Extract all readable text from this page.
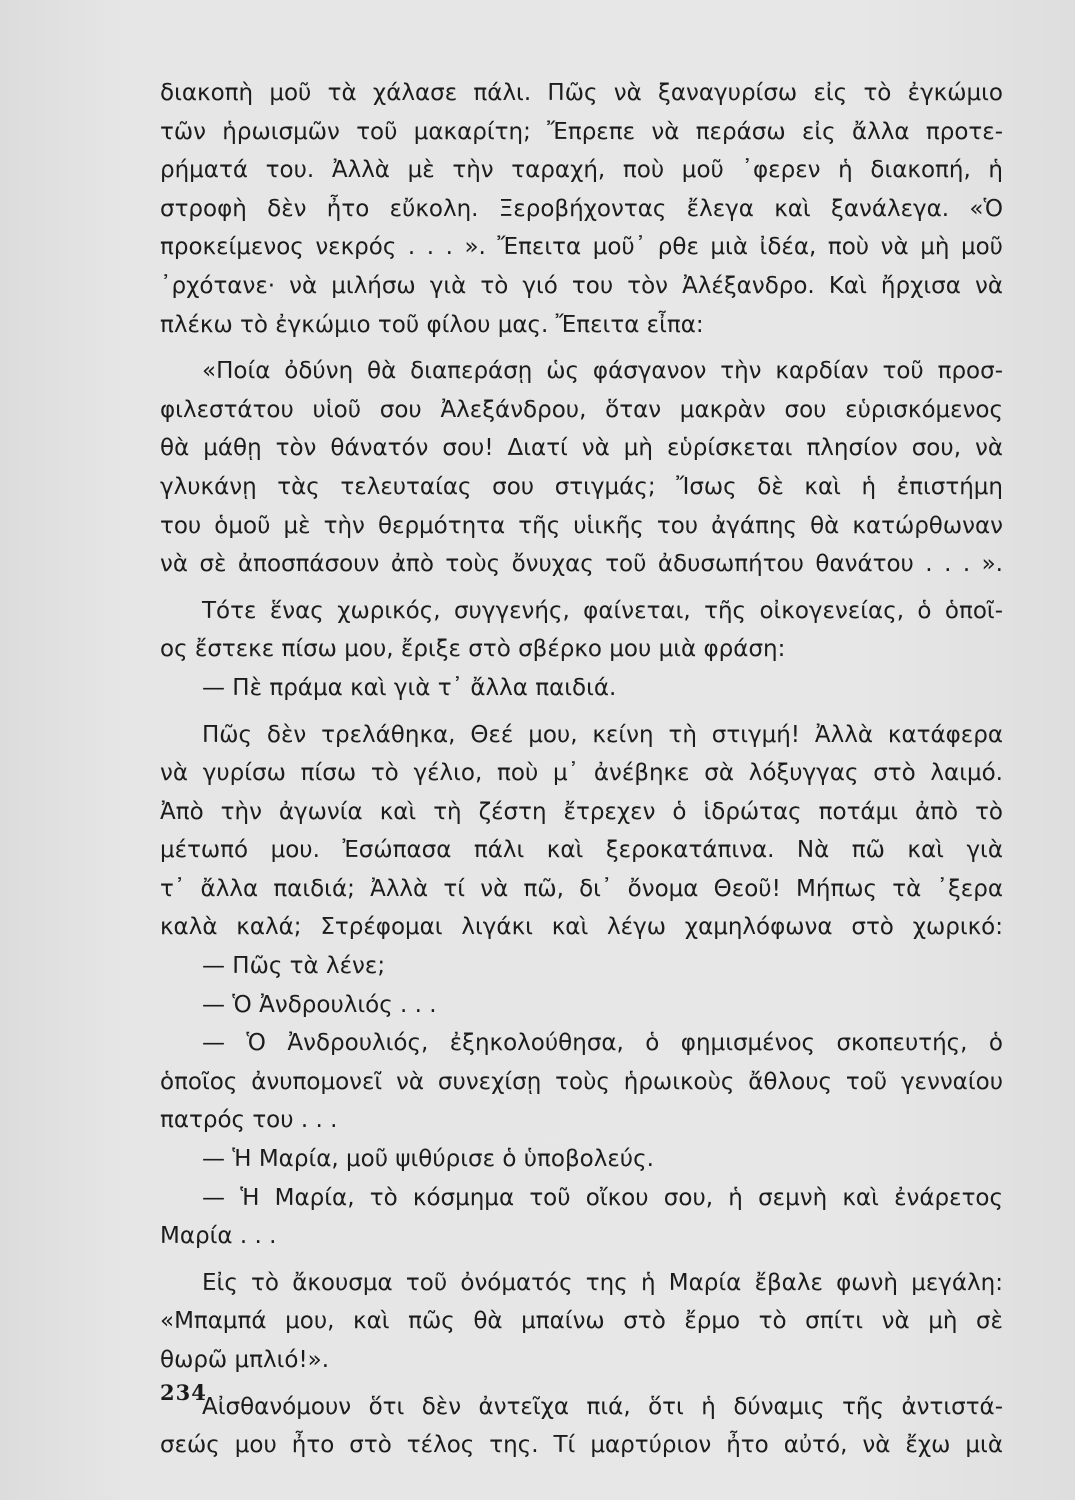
διακοπὴ μοῦ τὰ χάλασε πάλι. Πῶς νὰ ξαναγυρίσω εἰς τὸ ἐγκώμιο
τῶν ἡρωισμῶν τοῦ μακαρίτη; Ἔπρεπε νὰ περάσω εἰς ἄλλα προτε-
ρήματά του. Ἀλλὰ μὲ τὴν ταραχή, ποὺ μοῦ ᾿φερεν ἡ διακοπή, ἡ
στροφὴ δὲν ἦτο εὔκολη. Ξεροβήχοντας ἔλεγα καὶ ξανάλεγα. «Ὁ
προκείμενος νεκρός . . . ». Ἔπειτα μοῦ᾿ ρθε μιὰ ἰδέα, ποὺ νὰ μὴ μοῦ
᾿ρχότανε· νὰ μιλήσω γιὰ τὸ γιό του τὸν Ἀλέξανδρο. Καὶ ἤρχισα νὰ
πλέκω τὸ ἐγκώμιο τοῦ φίλου μας. Ἔπειτα εἶπα:
«Ποία ὀδύνη θὰ διαπεράσῃ ὡς φάσγανον τὴν καρδίαν τοῦ προσ-
φιλεστάτου υἱοῦ σου Ἀλεξάνδρου, ὅταν μακρὰν σου εὑρισκόμενος
θὰ μάθῃ τὸν θάνατόν σου! Διατί νὰ μὴ εὑρίσκεται πλησίον σου, νὰ
γλυκάνῃ τὰς τελευταίας σου στιγμάς; Ἴσως δὲ καὶ ἡ ἐπιστήμη
του ὁμοῦ μὲ τὴν θερμότητα τῆς υἱικῆς του ἀγάπης θὰ κατώρθωναν
νὰ σὲ ἀποσπάσουν ἀπὸ τοὺς ὄνυχας τοῦ ἀδυσωπήτου θανάτου . . . ».
Τότε ἕνας χωρικός, συγγενής, φαίνεται, τῆς οἰκογενείας, ὁ ὁποῖ-
ος ἔστεκε πίσω μου, ἔριξε στὸ σβέρκο μου μιὰ φράση:
— Πὲ πράμα καὶ γιὰ τ᾿ ἄλλα παιδιά.
Πῶς δὲν τρελάθηκα, Θεέ μου, κείνη τὴ στιγμή! Ἀλλὰ κατάφερα
νὰ γυρίσω πίσω τὸ γέλιο, ποὺ μ᾿ ἀνέβηκε σὰ λόξυγγας στὸ λαιμό.
Ἀπὸ τὴν ἀγωνία καὶ τὴ ζέστη ἔτρεχεν ὁ ἱδρώτας ποτάμι ἀπὸ τὸ
μέτωπό μου. Ἐσώπασα πάλι καὶ ξεροκατάπινα. Νὰ πῶ καὶ γιὰ
τ᾿ ἄλλα παιδιά; Ἀλλὰ τί νὰ πῶ, δι᾿ ὄνομα Θεοῦ! Μήπως τὰ ᾿ξερα
καλὰ καλά; Στρέφομαι λιγάκι καὶ λέγω χαμηλόφωνα στὸ χωρικό:
— Πῶς τὰ λένε;
— Ὁ Ἀνδρουλιός . . .
— Ὁ Ἀνδρουλιός, ἐξηκολούθησα, ὁ φημισμένος σκοπευτής, ὁ
ὁποῖος ἀνυπομονεῖ νὰ συνεχίσῃ τοὺς ἡρωικοὺς ἄθλους τοῦ γενναίου
πατρός του . . .
— Ἡ Μαρία, μοῦ ψιθύρισε ὁ ὑποβολεύς.
— Ἡ Μαρία, τὸ κόσμημα τοῦ οἴκου σου, ἡ σεμνὴ καὶ ἐνάρετος
Μαρία . . .
Εἰς τὸ ἄκουσμα τοῦ ὀνόματός της ἡ Μαρία ἔβαλε φωνὴ μεγάλη:
«Μπαμπά μου, καὶ πῶς θὰ μπαίνω στὸ ἔρμο τὸ σπίτι νὰ μὴ σὲ
θωρῶ μπλιό!».
Αἰσθανόμουν ὅτι δὲν ἀντεῖχα πιά, ὅτι ἡ δύναμις τῆς ἀντιστά-
σεώς μου ἦτο στὸ τέλος της. Τί μαρτύριον ἦτο αὐτό, νὰ ἔχω μιὰ
234
